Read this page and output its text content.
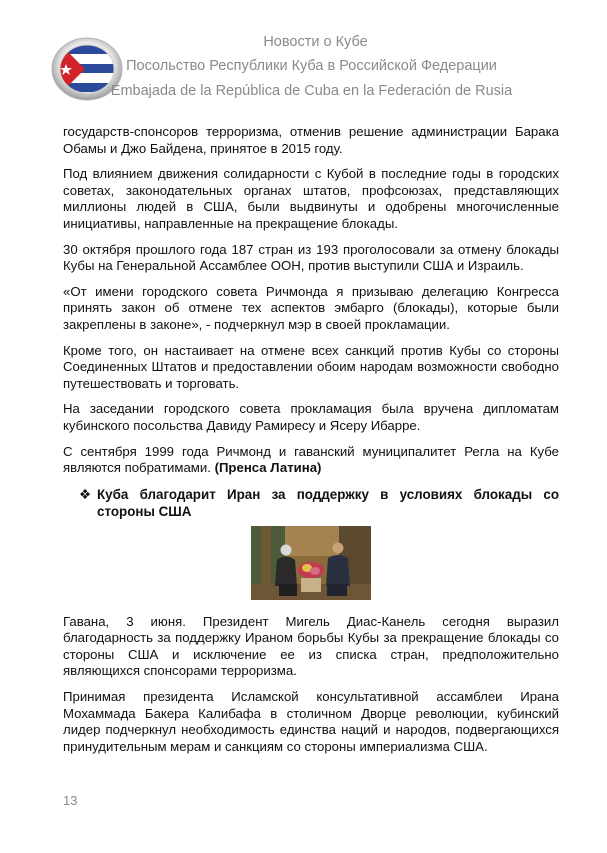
Новости о Кубе
Посольство Республики Куба в Российской Федерации
Embajada de la República de Cuba en la Federación de Rusia

государств-спонсоров терроризма, отменив решение администрации Барака Обамы и Джо Байдена, принятое в 2015 году.

Под влиянием движения солидарности с Кубой в последние годы в городских советах, законодательных органах штатов, профсоюзах, представляющих миллионы людей в США, были выдвинуты и одобрены многочисленные инициативы, направленные на прекращение блокады.

30 октября прошлого года 187 стран из 193 проголосовали за отмену блокады Кубы на Генеральной Ассамблее ООН, против выступили США и Израиль.

«От имени городского совета Ричмонда я призываю делегацию Конгресса принять закон об отмене тех аспектов эмбарго (блокады), которые были закреплены в законе», - подчеркнул мэр в своей прокламации.

Кроме того, он настаивает на отмене всех санкций против Кубы со стороны Соединенных Штатов и предоставлении обоим народам возможности свободно путешествовать и торговать.

На заседании городского совета прокламация была вручена дипломатам кубинского посольства Давиду Рамиресу и Ясеру Ибарре.

С сентября 1999 года Ричмонд и гаванский муниципалитет Регла на Кубе являются побратимами. (Пренса Латина)

❖ Куба благодарит Иран за поддержку в условиях блокады со стороны США

Гавана, 3 июня. Президент Мигель Диас-Канель сегодня выразил благодарность за поддержку Ираном борьбы Кубы за прекращение блокады со стороны США и исключение ее из списка стран, предположительно являющихся спонсорами терроризма.

Принимая президента Исламской консультативной ассамблеи Ирана Мохаммада Бакера Калибафа в столичном Дворце революции, кубинский лидер подчеркнул необходимость единства наций и народов, подвергающихся принудительным мерам и санкциям со стороны империализма США.

13
